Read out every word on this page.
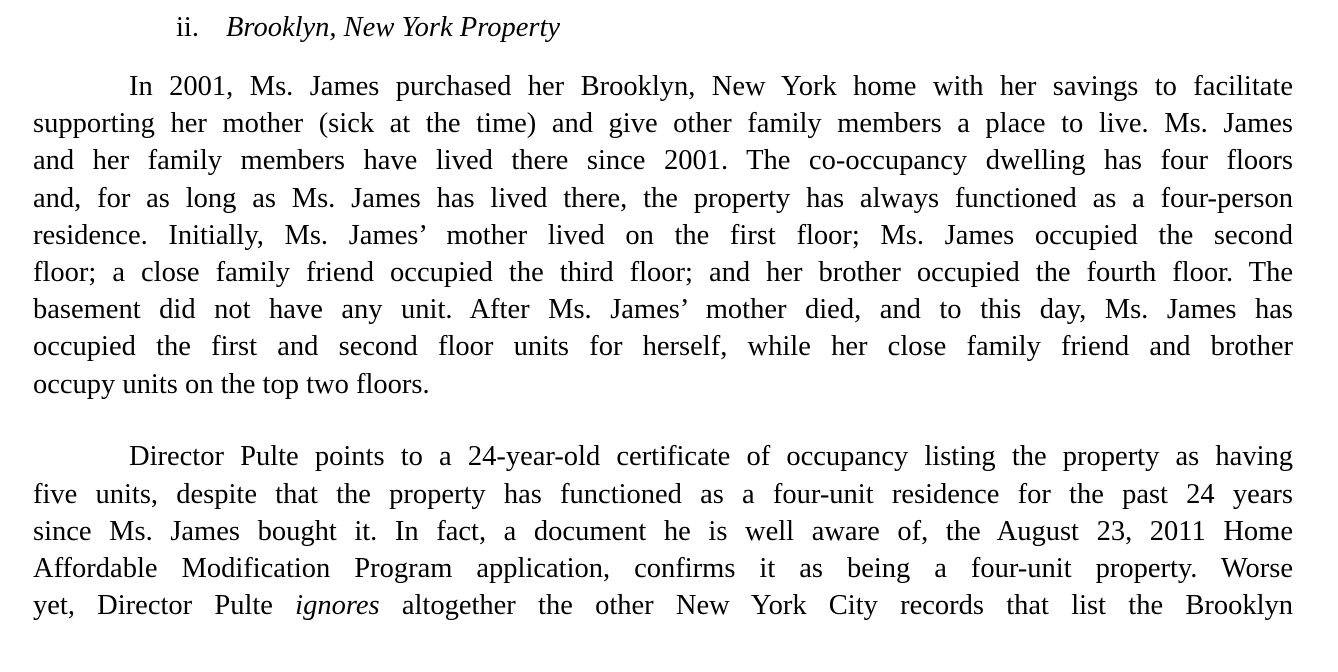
ii. Brooklyn, New York Property
In 2001, Ms. James purchased her Brooklyn, New York home with her savings to facilitate
supporting her mother (sick at the time) and give other family members a place to live. Ms. James
and her family members have lived there since 2001. The co-occupancy dwelling has four floors
and, for as long as Ms. James has lived there, the property has always functioned as a four-person
residence. Initially, Ms. James’ mother lived on the first floor; Ms. James occupied the second
floor; a close family friend occupied the third floor; and her brother occupied the fourth floor. The
basement did not have any unit. After Ms. James’ mother died, and to this day, Ms. James has
occupied the first and second floor units for herself, while her close family friend and brother
occupy units on the top two floors.
Director Pulte points to a 24-year-old certificate of occupancy listing the property as having
five units, despite that the property has functioned as a four-unit residence for the past 24 years
since Ms. James bought it. In fact, a document he is well aware of, the August 23, 2011 Home
Affordable Modification Program application, confirms it as being a four-unit property. Worse
yet, Director Pulte ignores altogether the other New York City records that list the Brooklyn
